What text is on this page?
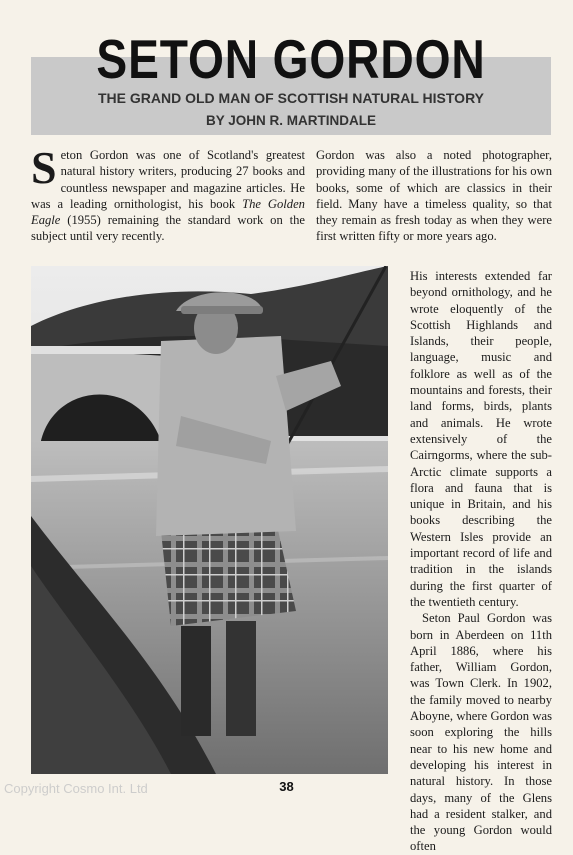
SETON GORDON
THE GRAND OLD MAN OF SCOTTISH NATURAL HISTORY
BY JOHN R. MARTINDALE
Seton Gordon was one of Scotland's greatest natural history writers, producing 27 books and countless newspaper and magazine articles. He was a leading ornithologist, his book The Golden Eagle (1955) remaining the standard work on the subject until very recently.
Gordon was also a noted photographer, providing many of the illustrations for his own books, some of which are classics in their field. Many have a timeless quality, so that they remain as fresh today as when they were first written fifty or more years ago.

His interests extended far beyond ornithology, and he wrote eloquently of the Scottish Highlands and Islands, their people, language, music and folklore as well as of the mountains and forests, their land forms, birds, plants and animals. He wrote extensively of the Cairngorms, where the sub-Arctic climate supports a flora and fauna that is unique in Britain, and his books describing the Western Isles provide an important record of life and tradition in the islands during the first quarter of the twentieth century.

Seton Paul Gordon was born in Aberdeen on 11th April 1886, where his father, William Gordon, was Town Clerk. In 1902, the family moved to nearby Aboyne, where Gordon was soon exploring the hills near to his new home and developing his interest in natural history. In those days, many of the Glens had a resident stalker, and the young Gordon would often

Copyright Cosmo Int. Ltd	38
